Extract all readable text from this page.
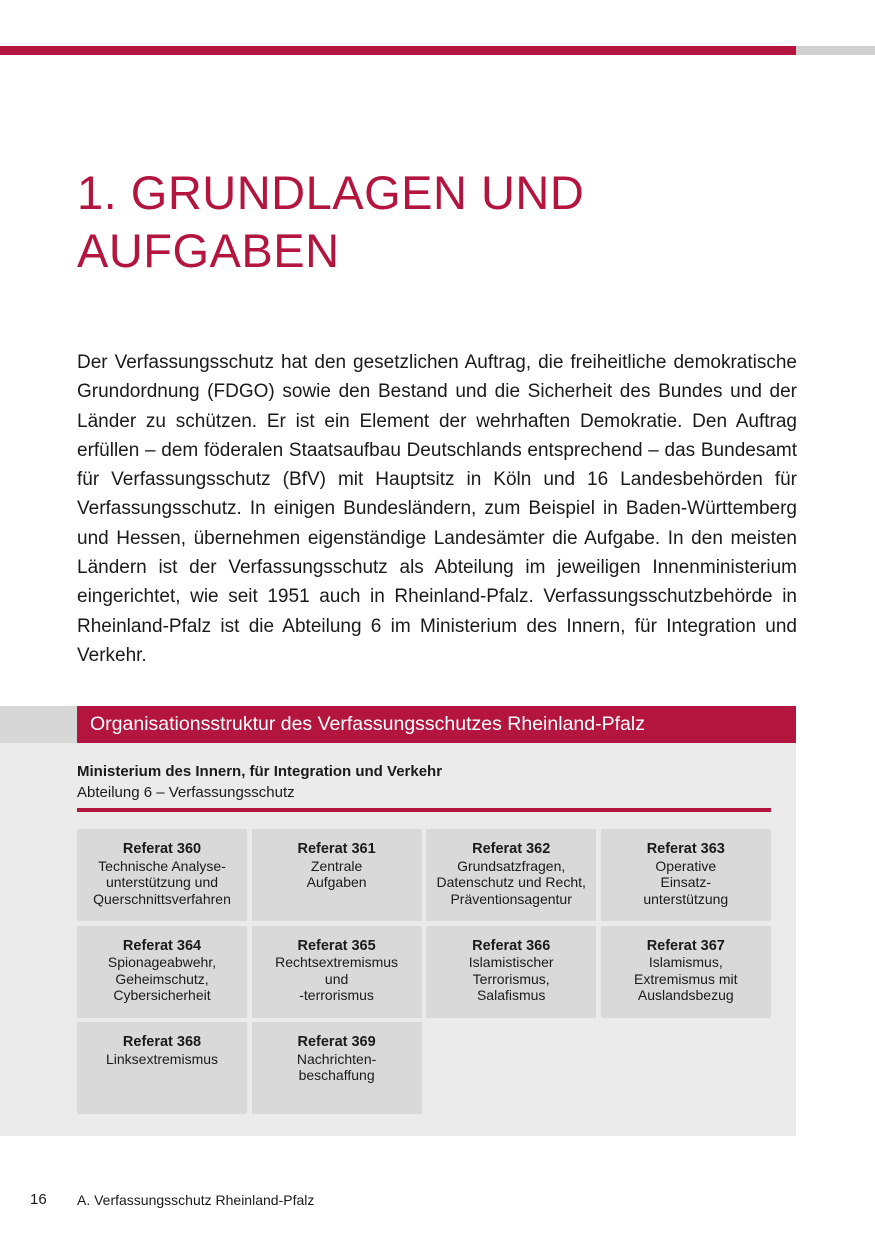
1. GRUNDLAGEN UND
AUFGABEN

Der Verfassungsschutz hat den gesetzlichen Auftrag, die freiheitliche demokratische Grundordnung (FDGO) sowie den Bestand und die Sicherheit des Bundes und der Länder zu schützen. Er ist ein Element der wehrhaften Demokratie. Den Auftrag erfüllen – dem föderalen Staatsaufbau Deutschlands entsprechend – das Bundesamt für Verfassungsschutz (BfV) mit Hauptsitz in Köln und 16 Landesbehörden für Verfassungsschutz. In einigen Bundesländern, zum Beispiel in Baden-Württemberg und Hessen, übernehmen eigenständige Landesämter die Aufgabe. In den meisten Ländern ist der Verfassungsschutz als Abteilung im jeweiligen Innenministerium eingerichtet, wie seit 1951 auch in Rheinland-Pfalz. Verfassungsschutzbehörde in Rheinland-Pfalz ist die Abteilung 6 im Ministerium des Innern, für Integration und Verkehr.

Organisationsstruktur des Verfassungsschutzes Rheinland-Pfalz
Ministerium des Innern, für Integration und Verkehr
Abteilung 6 – Verfassungsschutz
Referat 360
Technische Analyse-
unterstützung und
Querschnittsverfahren
Referat 361
Zentrale
Aufgaben
Referat 362
Grundsatzfragen,
Datenschutz und Recht,
Präventionsagentur
Referat 363
Operative
Einsatz-
unterstützung
Referat 364
Spionageabwehr,
Geheimschutz,
Cybersicherheit
Referat 365
Rechtsextremismus
und
-terrorismus
Referat 366
Islamistischer
Terrorismus,
Salafismus
Referat 367
Islamismus,
Extremismus mit
Auslandsbezug
Referat 368
Linksextremismus
Referat 369
Nachrichten-
beschaffung
16 A. Verfassungsschutz Rheinland-Pfalz
